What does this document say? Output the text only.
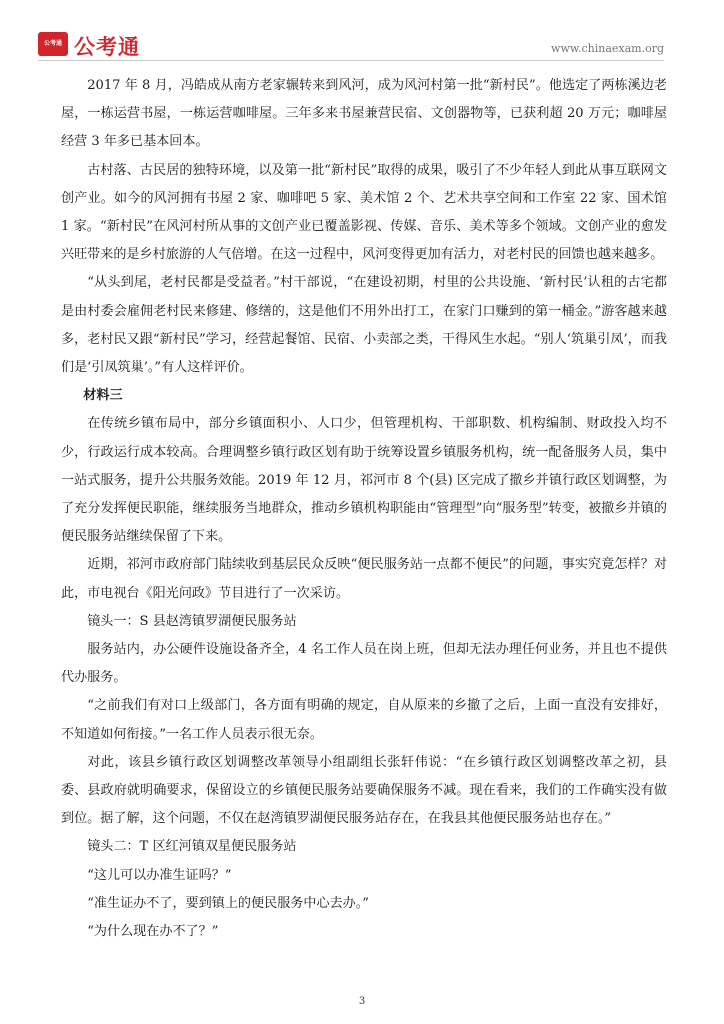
公考通 公考通	www.chinaexam.org

2017 年 8 月，冯皓成从南方老家辗转来到风河，成为风河村第一批“新村民”。他选定了两栋溪边老屋，一栋运营书屋，一栋运营咖啡屋。三年多来书屋兼营民宿、文创器物等，已获利超 20 万元；咖啡屋经营 3 年多已基本回本。

古村落、古民居的独特环境，以及第一批“新村民”取得的成果，吸引了不少年轻人到此从事互联网文创产业。如今的风河拥有书屋 2 家、咖啡吧 5 家、美术馆 2 个、艺术共享空间和工作室 22 家、国术馆 1 家。“新村民”在风河村所从事的文创产业已覆盖影视、传媒、音乐、美术等多个领域。文创产业的愈发兴旺带来的是乡村旅游的人气倍增。在这一过程中，风河变得更加有活力，对老村民的回馈也越来越多。

“从头到尾，老村民都是受益者。”村干部说，“在建设初期，村里的公共设施、‘新村民’认租的古宅都是由村委会雇佣老村民来修建、修缮的，这是他们不用外出打工，在家门口赚到的第一桶金。”游客越来越多，老村民又跟“新村民”学习，经营起餐馆、民宿、小卖部之类，干得风生水起。“别人‘筑巢引凤’，而我们是‘引凤筑巢’。”有人这样评价。

材料三

在传统乡镇布局中，部分乡镇面积小、人口少，但管理机构、干部职数、机构编制、财政投入均不少，行政运行成本较高。合理调整乡镇行政区划有助于统筹设置乡镇服务机构，统一配备服务人员，集中一站式服务，提升公共服务效能。2019 年 12 月，祁河市 8 个(县) 区完成了撤乡并镇行政区划调整，为了充分发挥便民职能，继续服务当地群众，推动乡镇机构职能由“管理型”向“服务型”转变，被撤乡并镇的便民服务站继续保留了下来。

近期，祁河市政府部门陆续收到基层民众反映“便民服务站一点都不便民”的问题，事实究竟怎样？对此，市电视台《阳光问政》节目进行了一次采访。

镜头一：S 县赵湾镇罗湖便民服务站

服务站内，办公硬件设施设备齐全，4 名工作人员在岗上班，但却无法办理任何业务，并且也不提供代办服务。

“之前我们有对口上级部门，各方面有明确的规定，自从原来的乡撤了之后，上面一直没有安排好，不知道如何衔接。”一名工作人员表示很无奈。

对此，该县乡镇行政区划调整改革领导小组副组长张轩伟说：“在乡镇行政区划调整改革之初，县委、县政府就明确要求，保留设立的乡镇便民服务站要确保服务不减。现在看来，我们的工作确实没有做到位。据了解，这个问题，不仅在赵湾镇罗湖便民服务站存在，在我县其他便民服务站也存在。”

镜头二：T 区红河镇双星便民服务站

“这儿可以办准生证吗？”

“准生证办不了，要到镇上的便民服务中心去办。”

“为什么现在办不了？”

3
